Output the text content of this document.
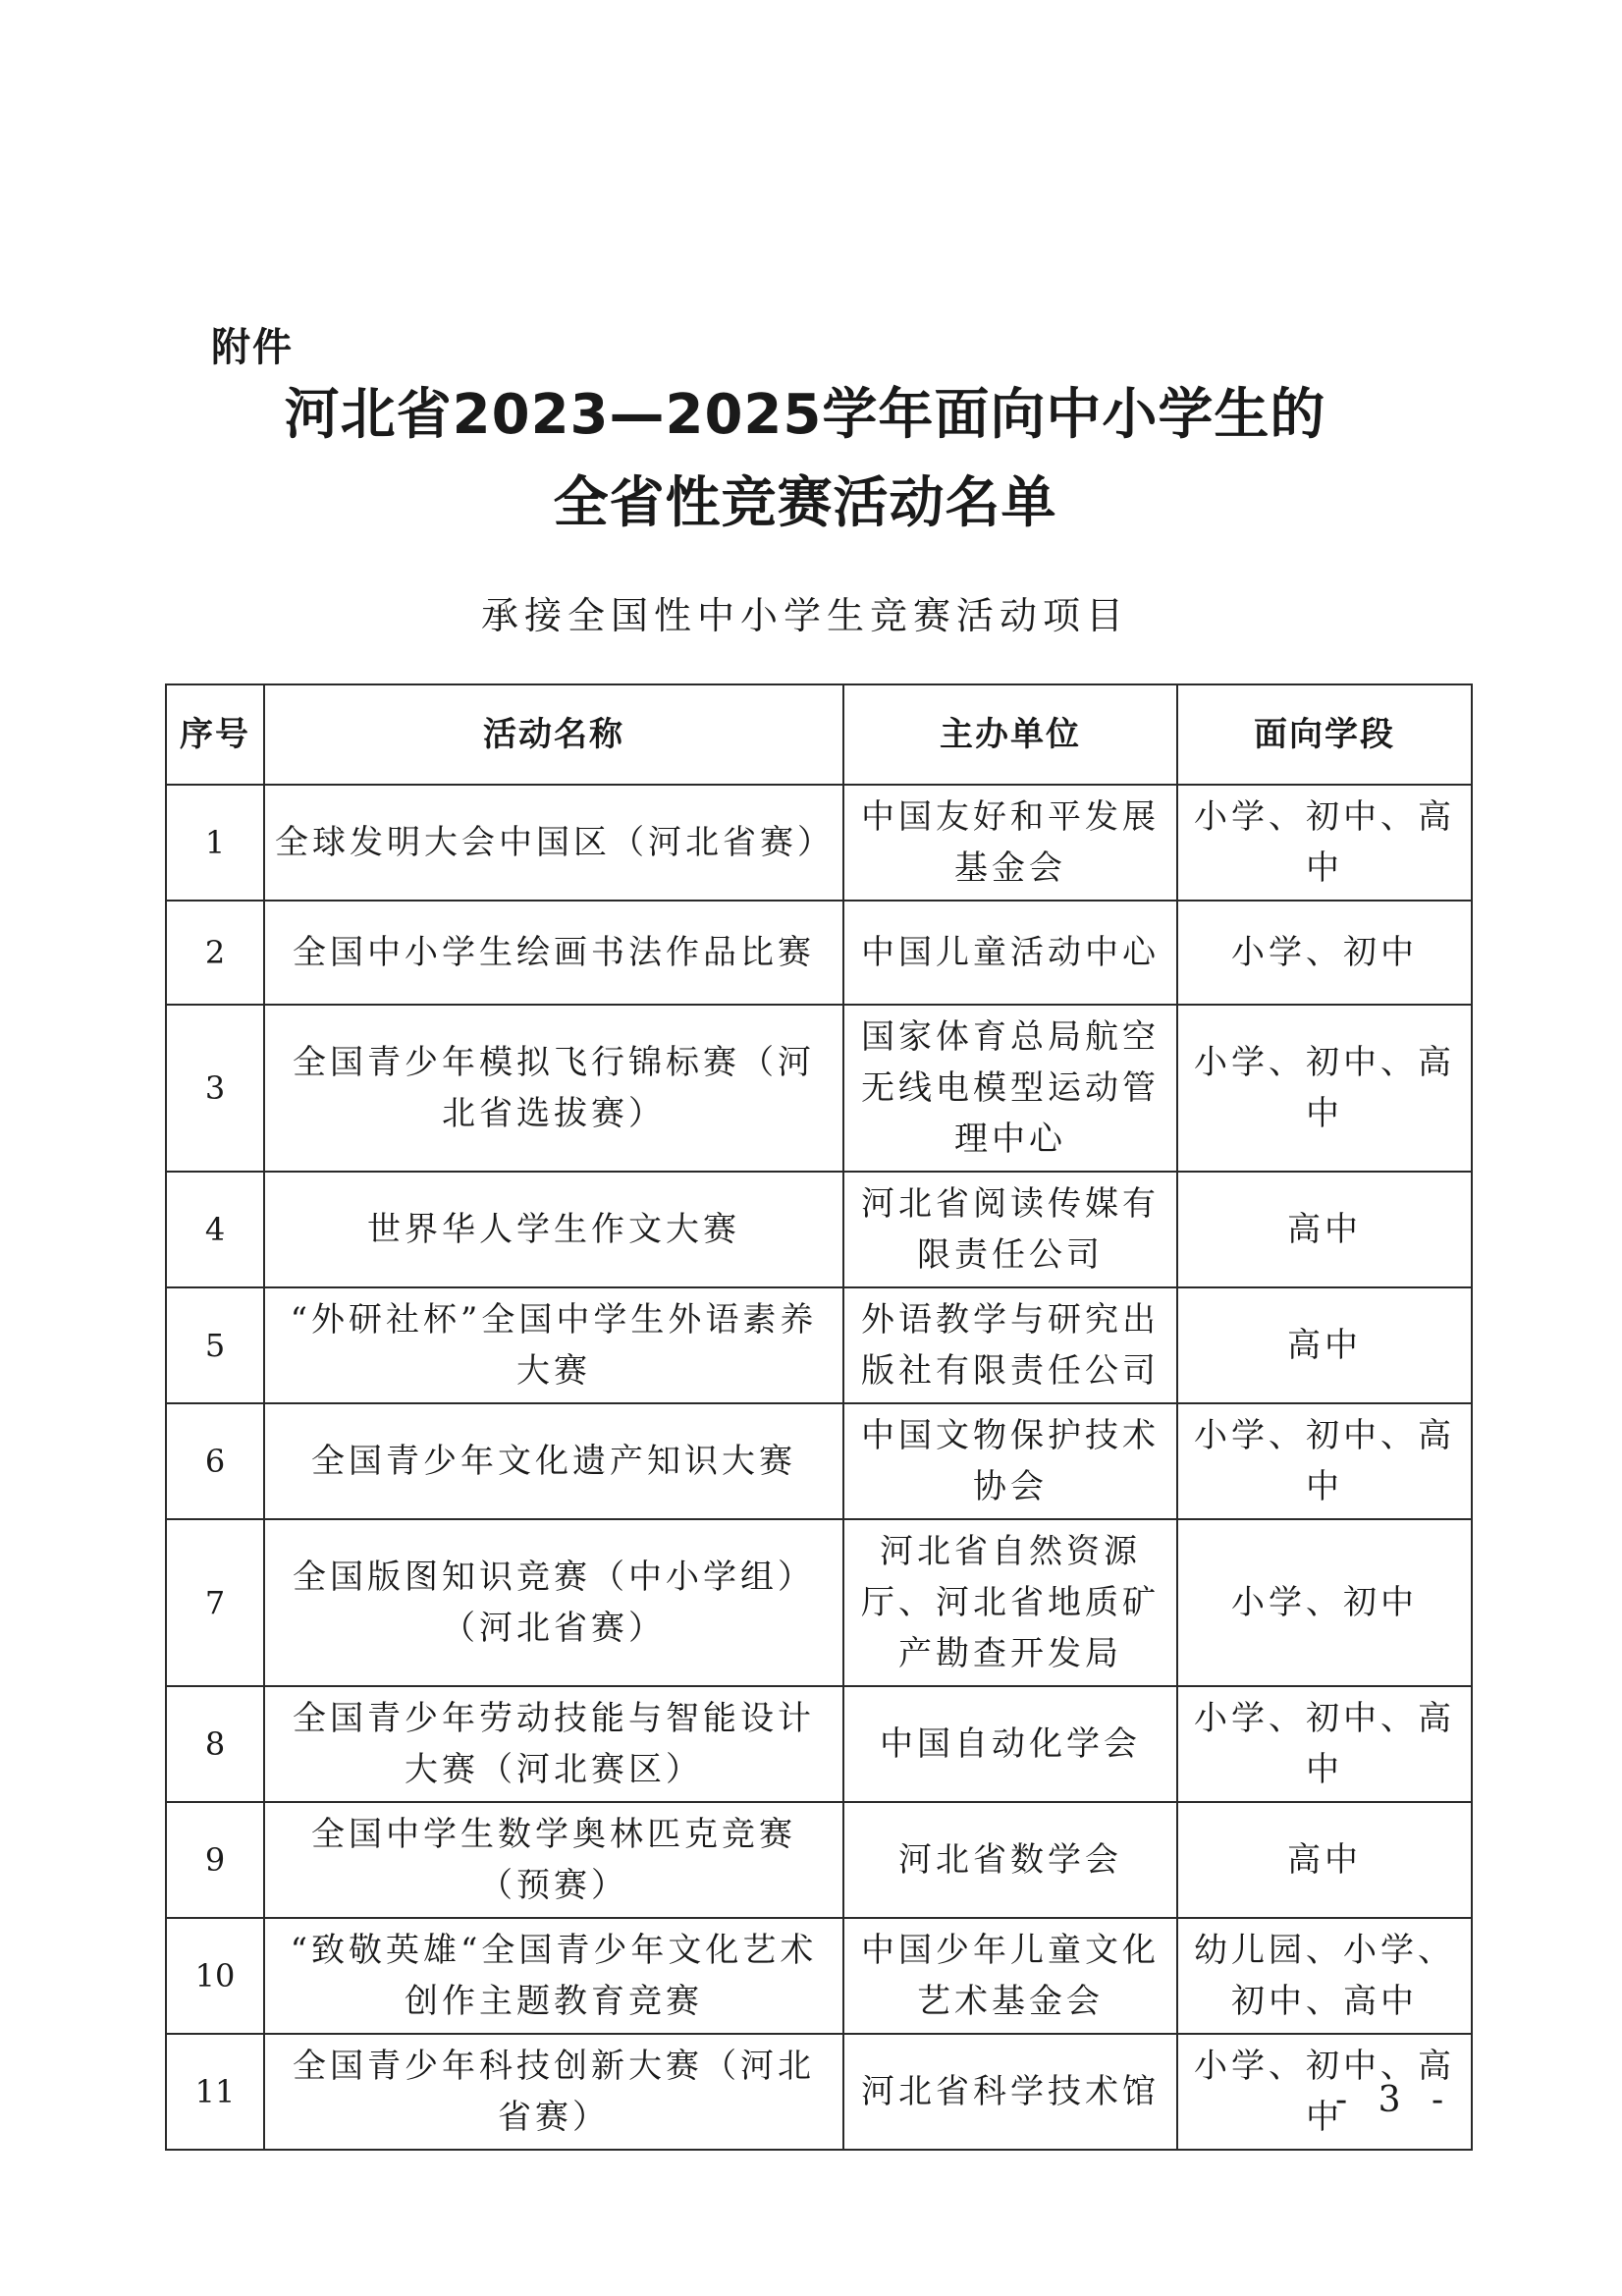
附件
河北省2023—2025学年面向中小学生的
全省性竞赛活动名单
承接全国性中小学生竞赛活动项目
序号	活动名称	主办单位	面向学段
1	全球发明大会中国区（河北省赛）	中国友好和平发展基金会	小学、初中、高中
2	全国中小学生绘画书法作品比赛	中国儿童活动中心	小学、初中
3	全国青少年模拟飞行锦标赛（河北省选拔赛）	国家体育总局航空无线电模型运动管理中心	小学、初中、高中
4	世界华人学生作文大赛	河北省阅读传媒有限责任公司	高中
5	“外研社杯”全国中学生外语素养大赛	外语教学与研究出版社有限责任公司	高中
6	全国青少年文化遗产知识大赛	中国文物保护技术协会	小学、初中、高中
7	全国版图知识竞赛（中小学组）（河北省赛）	河北省自然资源厅、河北省地质矿产勘查开发局	小学、初中
8	全国青少年劳动技能与智能设计大赛（河北赛区）	中国自动化学会	小学、初中、高中
9	全国中学生数学奥林匹克竞赛（预赛）	河北省数学会	高中
10	“致敬英雄“全国青少年文化艺术创作主题教育竞赛	中国少年儿童文化艺术基金会	幼儿园、小学、初中、高中
11	全国青少年科技创新大赛（河北省赛）	河北省科学技术馆	小学、初中、高中
- 3 -
